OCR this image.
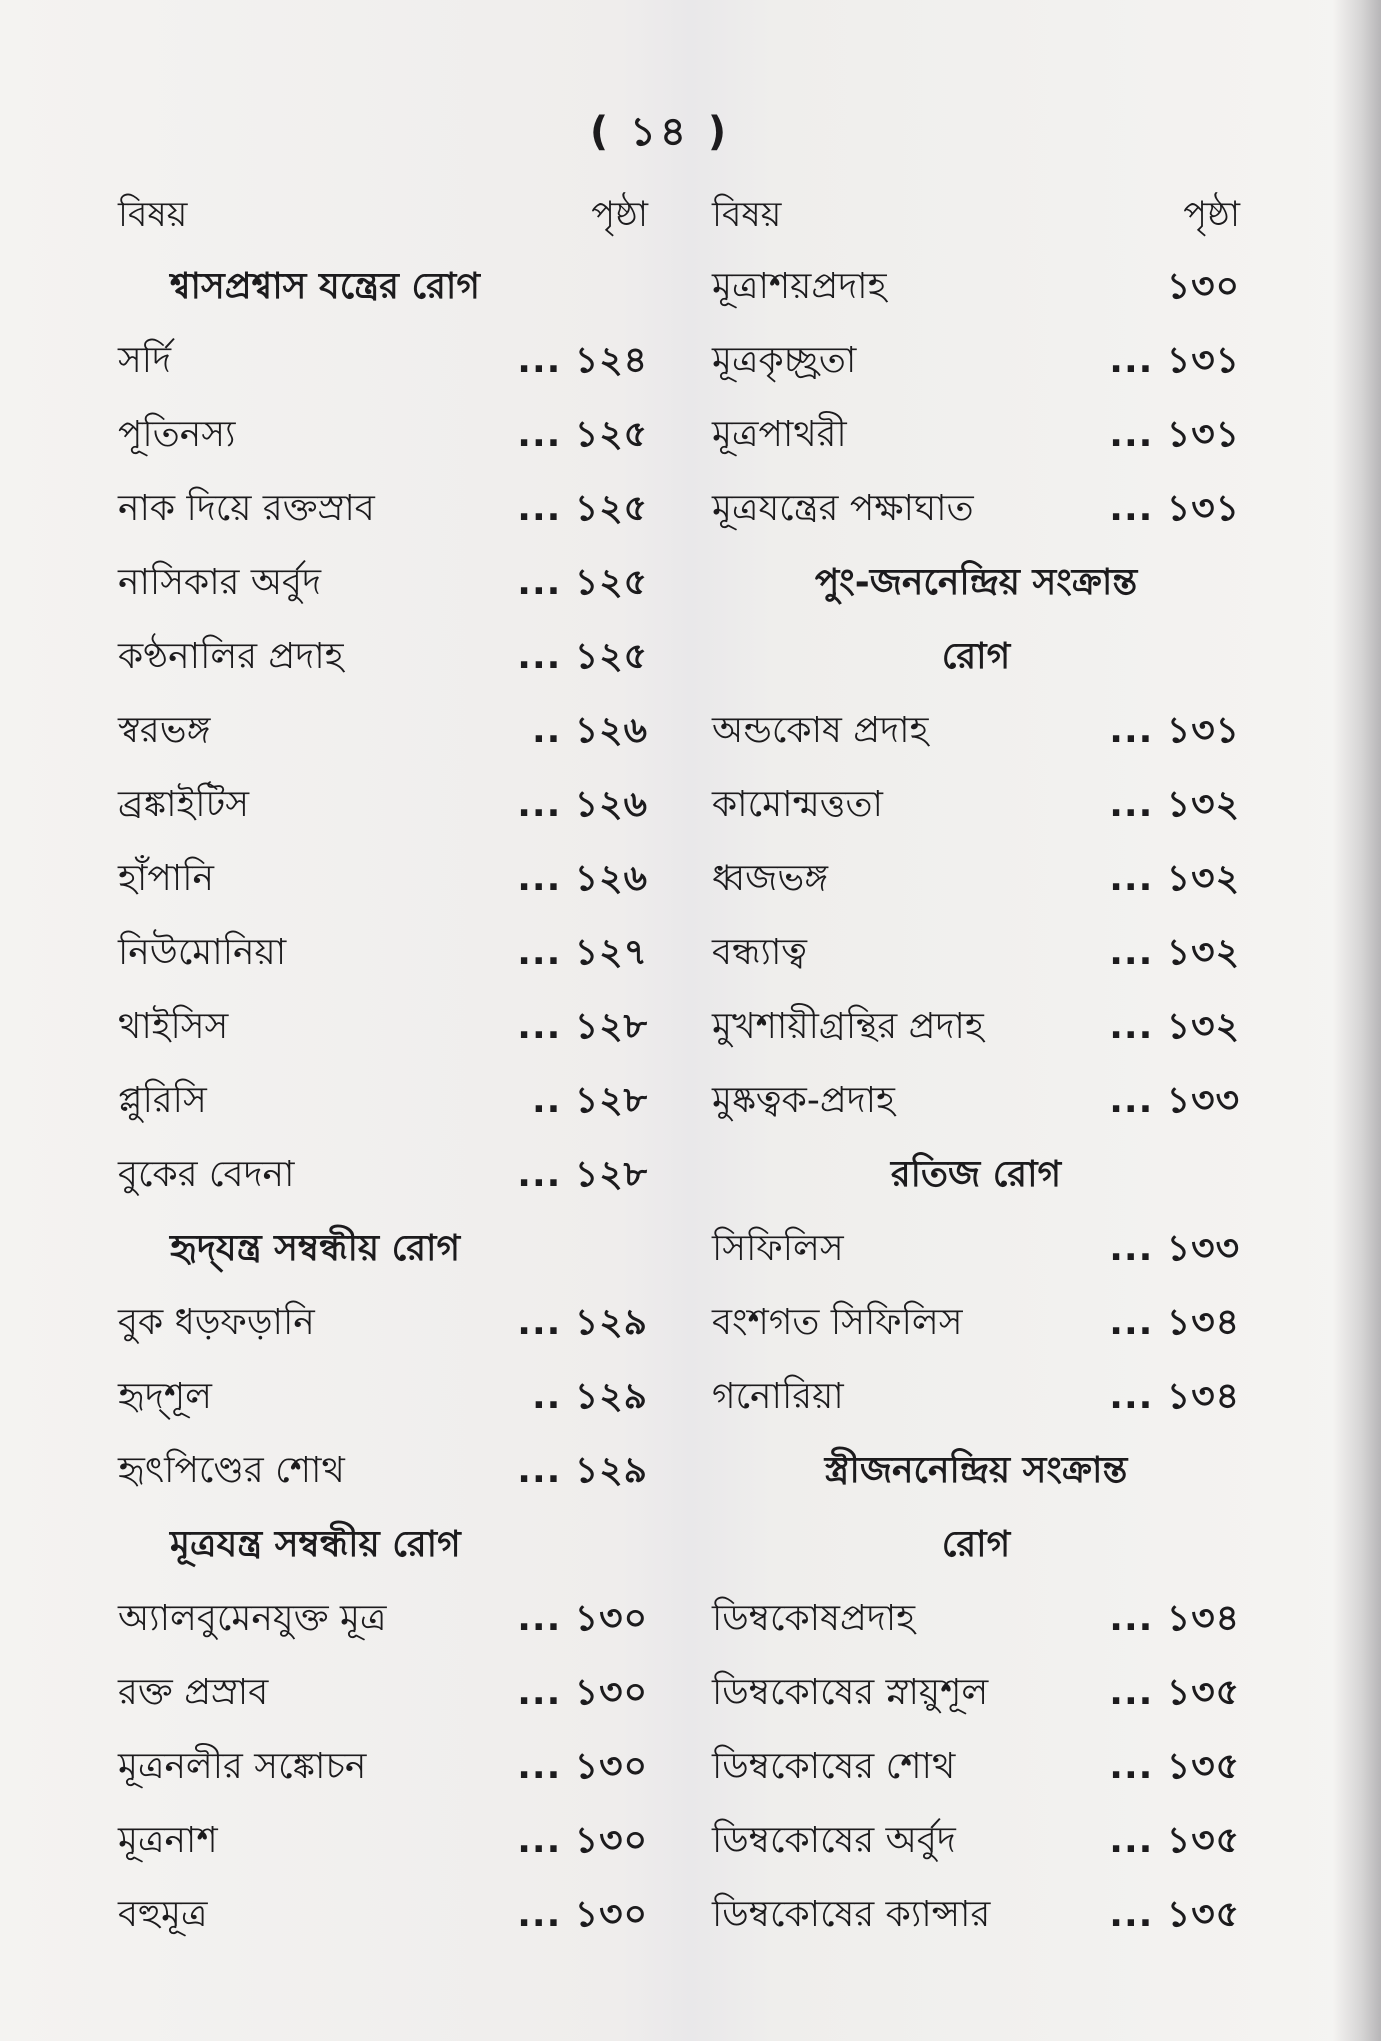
( ১৪ )
বিষয়	পৃষ্ঠা
শ্বাসপ্রশ্বাস যন্ত্রের রোগ
সর্দি	... ১২৪
পূতিনস্য	... ১২৫
নাক দিয়ে রক্তস্রাব	... ১২৫
নাসিকার অর্বুদ	... ১২৫
কণ্ঠনালির প্রদাহ	... ১২৫
স্বরভঙ্গ	.. ১২৬
ব্রঙ্কাইটিস	... ১২৬
হাঁপানি	... ১২৬
নিউমোনিয়া	... ১২৭
থাইসিস	... ১২৮
প্লুরিসি	.. ১২৮
বুকের বেদনা	... ১২৮
হৃদ্‌যন্ত্র সম্বন্ধীয় রোগ
বুক ধড়ফড়ানি	... ১২৯
হৃদ্‌শূল	.. ১২৯
হৃৎপিণ্ডের শোথ	... ১২৯
মূত্রযন্ত্র সম্বন্ধীয় রোগ
অ্যালবুমেনযুক্ত মূত্র	... ১৩০
রক্ত প্রস্রাব	... ১৩০
মূত্রনলীর সঙ্কোচন	... ১৩০
মূত্রনাশ	... ১৩০
বহুমূত্র	... ১৩০
বিষয়	পৃষ্ঠা
মূত্রাশয়প্রদাহ	১৩০
মূত্রকৃচ্ছ্রতা	... ১৩১
মূত্রপাথরী	... ১৩১
মূত্রযন্ত্রের পক্ষাঘাত	... ১৩১
পুং-জননেন্দ্রিয় সংক্রান্ত
রোগ
অন্ডকোষ প্রদাহ	... ১৩১
কামোন্মত্ততা	... ১৩২
ধ্বজভঙ্গ	... ১৩২
বন্ধ্যাত্ব	... ১৩২
মুখশায়ীগ্রন্থির প্রদাহ	... ১৩২
মুষ্কত্বক-প্রদাহ	... ১৩৩
রতিজ রোগ
সিফিলিস	... ১৩৩
বংশগত সিফিলিস	... ১৩৪
গনোরিয়া	... ১৩৪
স্ত্রীজননেন্দ্রিয় সংক্রান্ত
রোগ
ডিম্বকোষপ্রদাহ	... ১৩৪
ডিম্বকোষের স্নায়ুশূল	... ১৩৫
ডিম্বকোষের শোথ	... ১৩৫
ডিম্বকোষের অর্বুদ	... ১৩৫
ডিম্বকোষের ক্যান্সার	... ১৩৫
